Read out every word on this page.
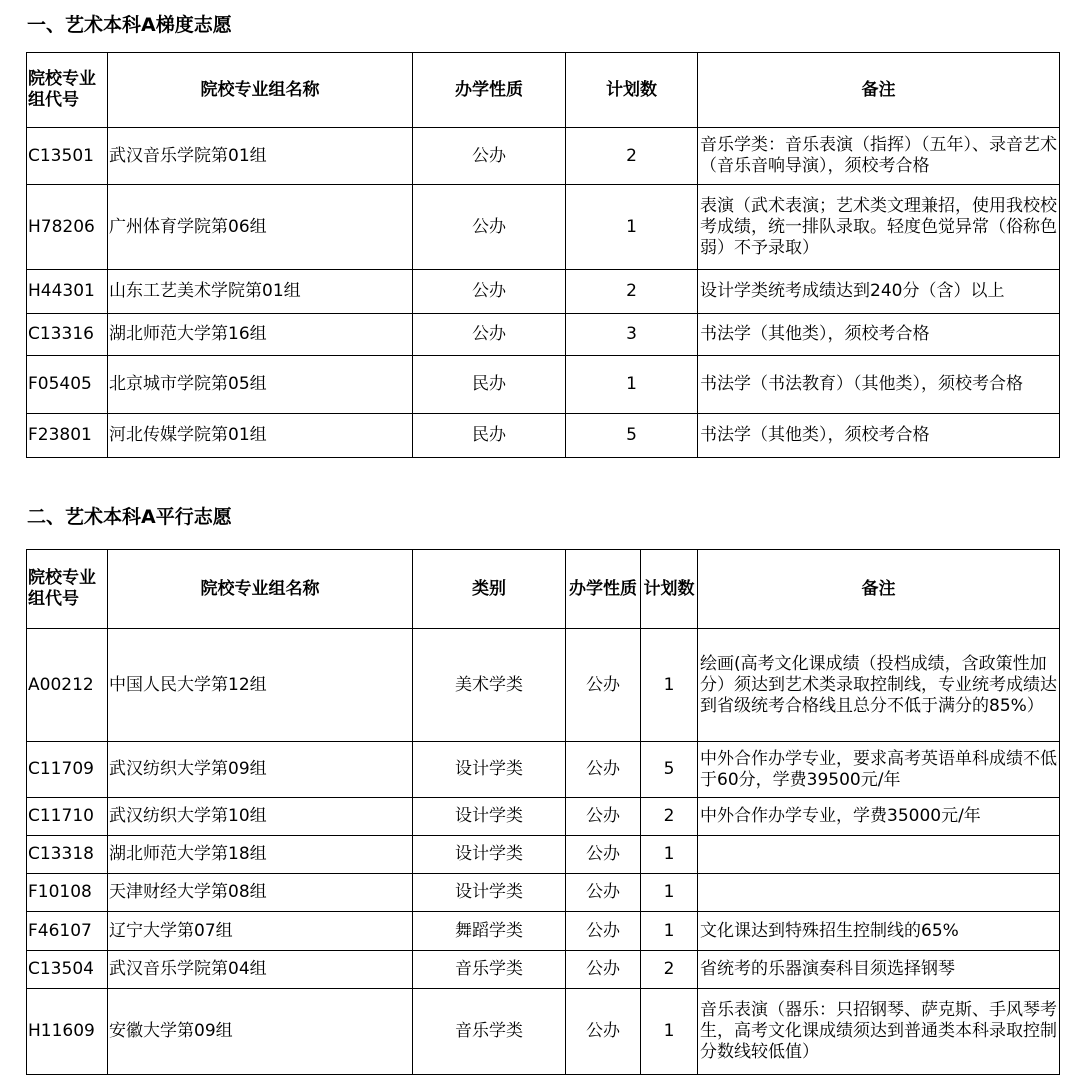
一、艺术本科A梯度志愿
院校专业组代号	院校专业组名称	办学性质	计划数	备注
C13501	武汉音乐学院第01组	公办	2	音乐学类：音乐表演（指挥）（五年）、录音艺术（音乐音响导演），须校考合格
H78206	广州体育学院第06组	公办	1	表演（武术表演；艺术类文理兼招，使用我校校考成绩，统一排队录取。轻度色觉异常（俗称色弱）不予录取）
H44301	山东工艺美术学院第01组	公办	2	设计学类统考成绩达到240分（含）以上
C13316	湖北师范大学第16组	公办	3	书法学（其他类），须校考合格
F05405	北京城市学院第05组	民办	1	书法学（书法教育）（其他类），须校考合格
F23801	河北传媒学院第01组	民办	5	书法学（其他类），须校考合格
二、艺术本科A平行志愿
院校专业组代号	院校专业组名称	类别	办学性质	计划数	备注
A00212	中国人民大学第12组	美术学类	公办	1	绘画(高考文化课成绩（投档成绩，含政策性加分）须达到艺术类录取控制线，专业统考成绩达到省级统考合格线且总分不低于满分的85%）
C11709	武汉纺织大学第09组	设计学类	公办	5	中外合作办学专业，要求高考英语单科成绩不低于60分，学费39500元/年
C11710	武汉纺织大学第10组	设计学类	公办	2	中外合作办学专业，学费35000元/年
C13318	湖北师范大学第18组	设计学类	公办	1	
F10108	天津财经大学第08组	设计学类	公办	1	
F46107	辽宁大学第07组	舞蹈学类	公办	1	文化课达到特殊招生控制线的65%
C13504	武汉音乐学院第04组	音乐学类	公办	2	省统考的乐器演奏科目须选择钢琴
H11609	安徽大学第09组	音乐学类	公办	1	音乐表演（器乐：只招钢琴、萨克斯、手风琴考生，高考文化课成绩须达到普通类本科录取控制分数线较低值）
